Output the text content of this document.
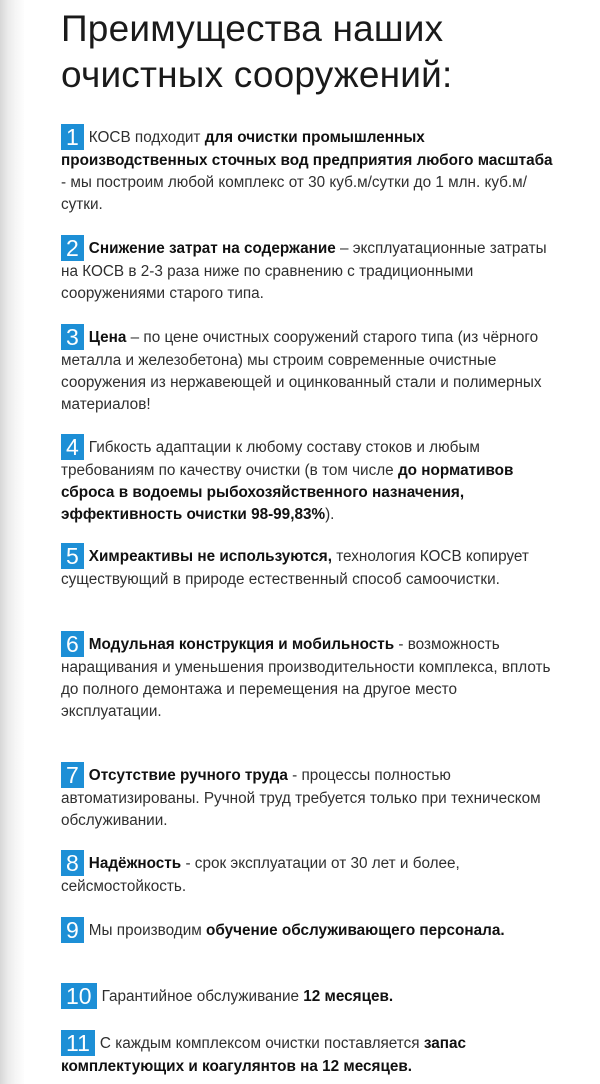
Преимущества наших очистных сооружений:
1 КОСВ подходит для очистки промышленных производственных сточных вод предприятия любого масштаба - мы построим любой комплекс от 30 куб.м/сутки до 1 млн. куб.м/сутки.
2 Снижение затрат на содержание – эксплуатационные затраты на КОСВ в 2-3 раза ниже по сравнению с традиционными сооружениями старого типа.
3 Цена – по цене очистных сооружений старого типа (из чёрного металла и железобетона) мы строим современные очистные сооружения из нержавеющей и оцинкованный стали и полимерных материалов!
4 Гибкость адаптации к любому составу стоков и любым требованиям по качеству очистки (в том числе до нормативов сброса в водоемы рыбохозяйственного назначения, эффективность очистки 98-99,83%).
5 Химреактивы не используются, технология КОСВ копирует существующий в природе естественный способ самоочистки.
6 Модульная конструкция и мобильность - возможность наращивания и уменьшения производительности комплекса, вплоть до полного демонтажа и перемещения на другое место эксплуатации.
7 Отсутствие ручного труда - процессы полностью автоматизированы. Ручной труд требуется только при техническом обслуживании.
8 Надёжность - срок эксплуатации от 30 лет и более, сейсмостойкость.
9 Мы производим обучение обслуживающего персонала.
10 Гарантийное обслуживание 12 месяцев.
11 С каждым комплексом очистки поставляется запас комплектующих и коагулянтов на 12 месяцев.
